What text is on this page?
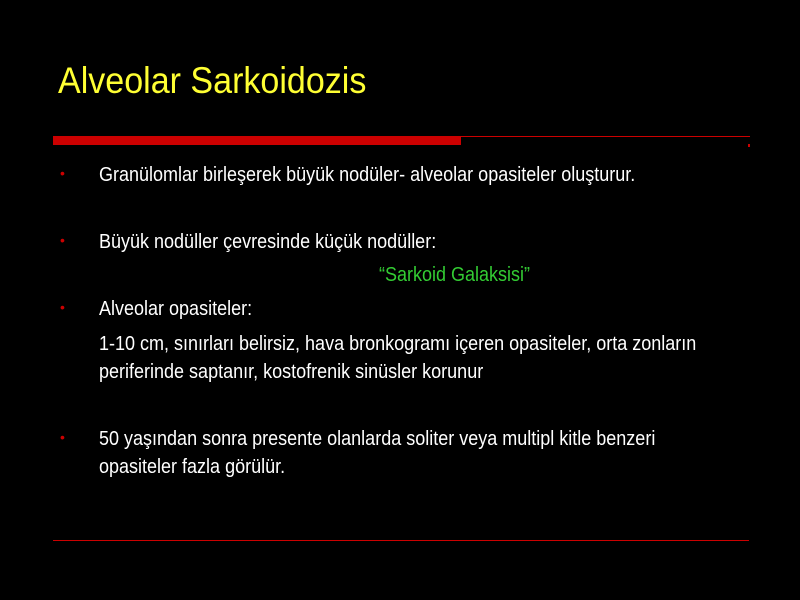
Alveolar Sarkoidozis
• Granülomlar birleşerek büyük nodüler- alveolar opasiteler oluşturur.
• Büyük nodüller çevresinde küçük nodüller:
“Sarkoid Galaksisi”
• Alveolar opasiteler:
1-10 cm, sınırları belirsiz, hava bronkogramı içeren opasiteler, orta zonların
periferinde saptanır, kostofrenik sinüsler korunur
• 50 yaşından sonra presente olanlarda soliter veya multipl kitle benzeri
opasiteler fazla görülür.
